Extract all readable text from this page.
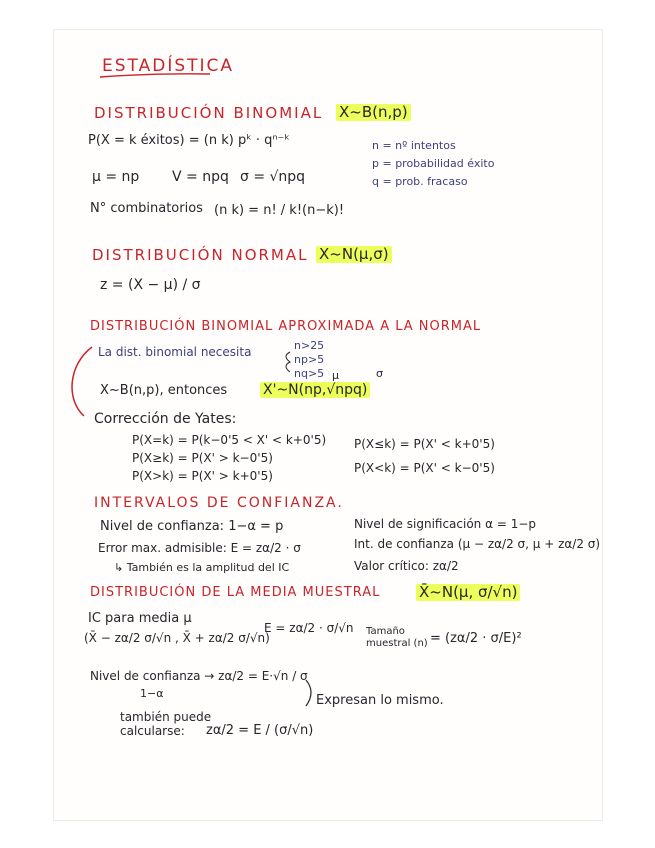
ESTADÍSTICA
DISTRIBUCIÓN BINOMIAL X~B(n,p)
P(X = k éxitos) = (n k) pᵏ · qⁿ⁻ᵏ
μ = np V = npq σ = √npq
n = nº intentos
p = probabilidad éxito
q = prob. fracaso
N° combinatorios (n k) = n! / k!(n−k)!
DISTRIBUCIÓN NORMAL X~N(μ,σ)
z = (X − μ) / σ
DISTRIBUCIÓN BINOMIAL APROXIMADA A LA NORMAL
La dist. binomial necesita	n>25
np>5
nq>5 μ	σ
X~B(n,p), entonces	X'~N(np,√npq)
Corrección de Yates:
P(X=k) = P(k−0'5 < X' < k+0'5)
P(X≥k) = P(X' > k−0'5)
P(X>k) = P(X' > k+0'5)
P(X≤k) = P(X' < k+0'5)
P(X<k) = P(X' < k−0'5)
INTERVALOS DE CONFIANZA.
Nivel de confianza: 1−α = p
Error max. admisible: E = zα/2 · σ
↳ También es la amplitud del IC
Nivel de significación α = 1−p
Int. de confianza (μ − zα/2 σ, μ + zα/2 σ)
Valor crítico: zα/2
DISTRIBUCIÓN DE LA MEDIA MUESTRAL	X̄~N(μ, σ/√n)
IC para media μ
(X̄ − zα/2 σ/√n , X̄ + zα/2 σ/√n)
E = zα/2 · σ/√n Tamaño muestral (n) = (zα/2 · σ/E)²
Nivel de confianza → zα/2 = E·√n / σ
1−α
también puede calcularse:	zα/2 = E / (σ/√n)
Expresan lo mismo.
